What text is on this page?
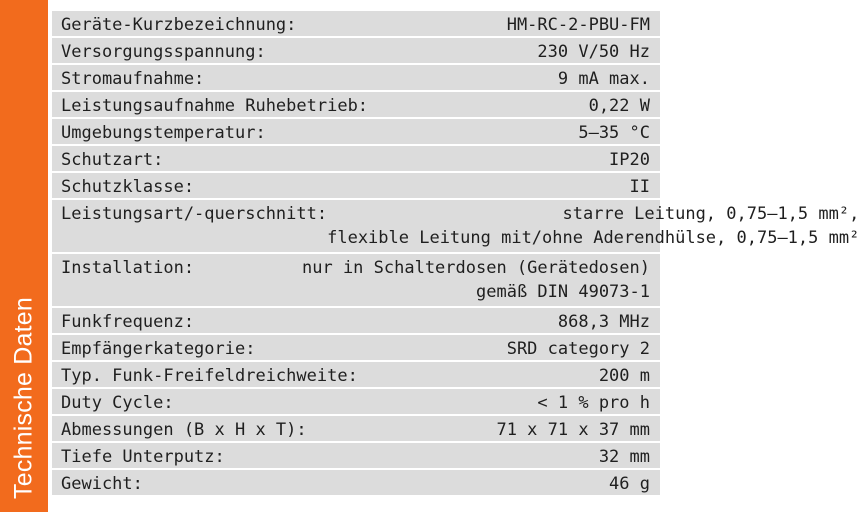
Technische Daten
Geräte-Kurzbezeichnung:	HM-RC-2-PBU-FM
Versorgungsspannung:	230 V/50 Hz
Stromaufnahme:	9 mA max.
Leistungsaufnahme Ruhebetrieb:	0,22 W
Umgebungstemperatur:	5–35 °C
Schutzart:	IP20
Schutzklasse:	II
Leistungsart/-querschnitt:	starre Leitung, 0,75–1,5 mm²,
flexible Leitung mit/ohne Aderendhülse, 0,75–1,5 mm²
Installation:	nur in Schalterdosen (Gerätedosen)
gemäß DIN 49073-1
Funkfrequenz:	868,3 MHz
Empfängerkategorie:	SRD category 2
Typ. Funk-Freifeldreichweite:	200 m
Duty Cycle:	< 1 % pro h
Abmessungen (B x H x T):	71 x 71 x 37 mm
Tiefe Unterputz:	32 mm
Gewicht:	46 g
